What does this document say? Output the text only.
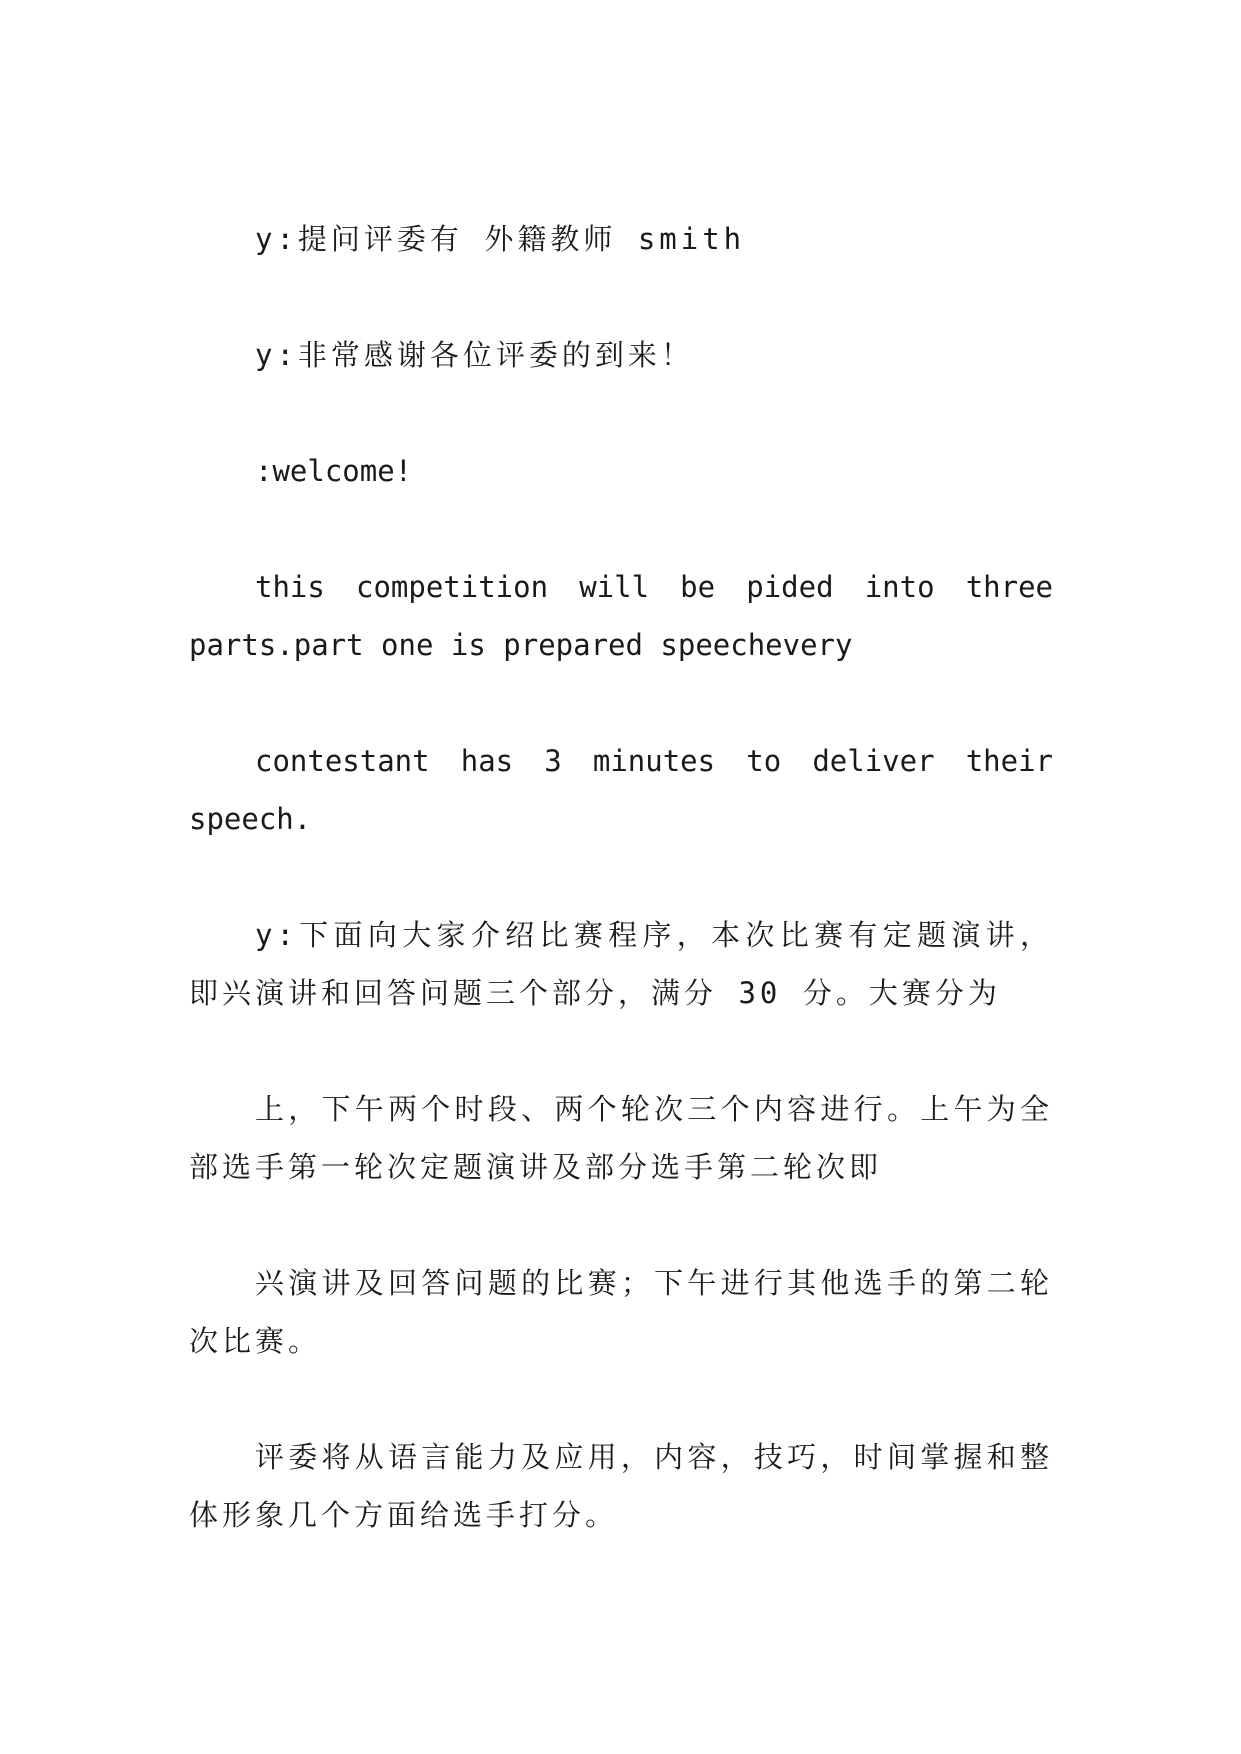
y:提问评委有 外籍教师 smith

y:非常感谢各位评委的到来！

:welcome!

this competition will be pided into three parts.part one is prepared speechevery

contestant has 3 minutes to deliver their speech.

y:下面向大家介绍比赛程序，本次比赛有定题演讲，即兴演讲和回答问题三个部分，满分 30 分。大赛分为

上，下午两个时段、两个轮次三个内容进行。上午为全部选手第一轮次定题演讲及部分选手第二轮次即

兴演讲及回答问题的比赛；下午进行其他选手的第二轮次比赛。

评委将从语言能力及应用，内容，技巧，时间掌握和整体形象几个方面给选手打分。
